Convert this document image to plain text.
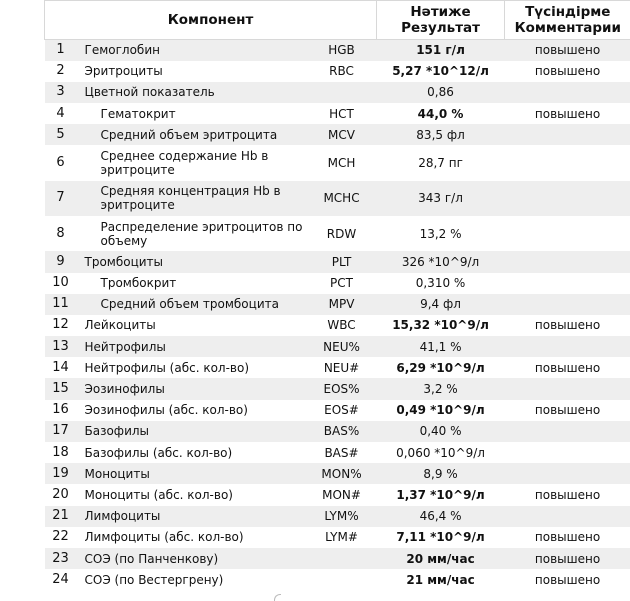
Компонент			Нәтиже
Результат	Түсіндірме
Комментарии
1	Гемоглобин	HGB	151 г/л	повышено
2	Эритроциты	RBC	5,27 *10^12/л	повышено
3	Цветной показатель		0,86	
4	Гематокрит	HCT	44,0 %	повышено
5	Средний объем эритроцита	MCV	83,5 фл	
6	Среднее содержание Hb в
эритроците	MCH	28,7 пг	
7	Средняя концентрация Hb в
эритроците	MCHC	343 г/л	
8	Распределение эритроцитов по
объему	RDW	13,2 %	
9	Тромбоциты	PLT	326 *10^9/л	
10	Тромбокрит	PCT	0,310 %	
11	Средний объем тромбоцита	MPV	9,4 фл	
12	Лейкоциты	WBC	15,32 *10^9/л	повышено
13	Нейтрофилы	NEU%	41,1 %	
14	Нейтрофилы (абс. кол-во)	NEU#	6,29 *10^9/л	повышено
15	Эозинофилы	EOS%	3,2 %	
16	Эозинофилы (абс. кол-во)	EOS#	0,49 *10^9/л	повышено
17	Базофилы	BAS%	0,40 %	
18	Базофилы (абс. кол-во)	BAS#	0,060 *10^9/л	
19	Моноциты	MON%	8,9 %	
20	Моноциты (абс. кол-во)	MON#	1,37 *10^9/л	повышено
21	Лимфоциты	LYM%	46,4 %	
22	Лимфоциты (абс. кол-во)	LYM#	7,11 *10^9/л	повышено
23	СОЭ (по Панченкову)		20 мм/час	повышено
24	СОЭ (по Вестергрену)		21 мм/час	повышено
